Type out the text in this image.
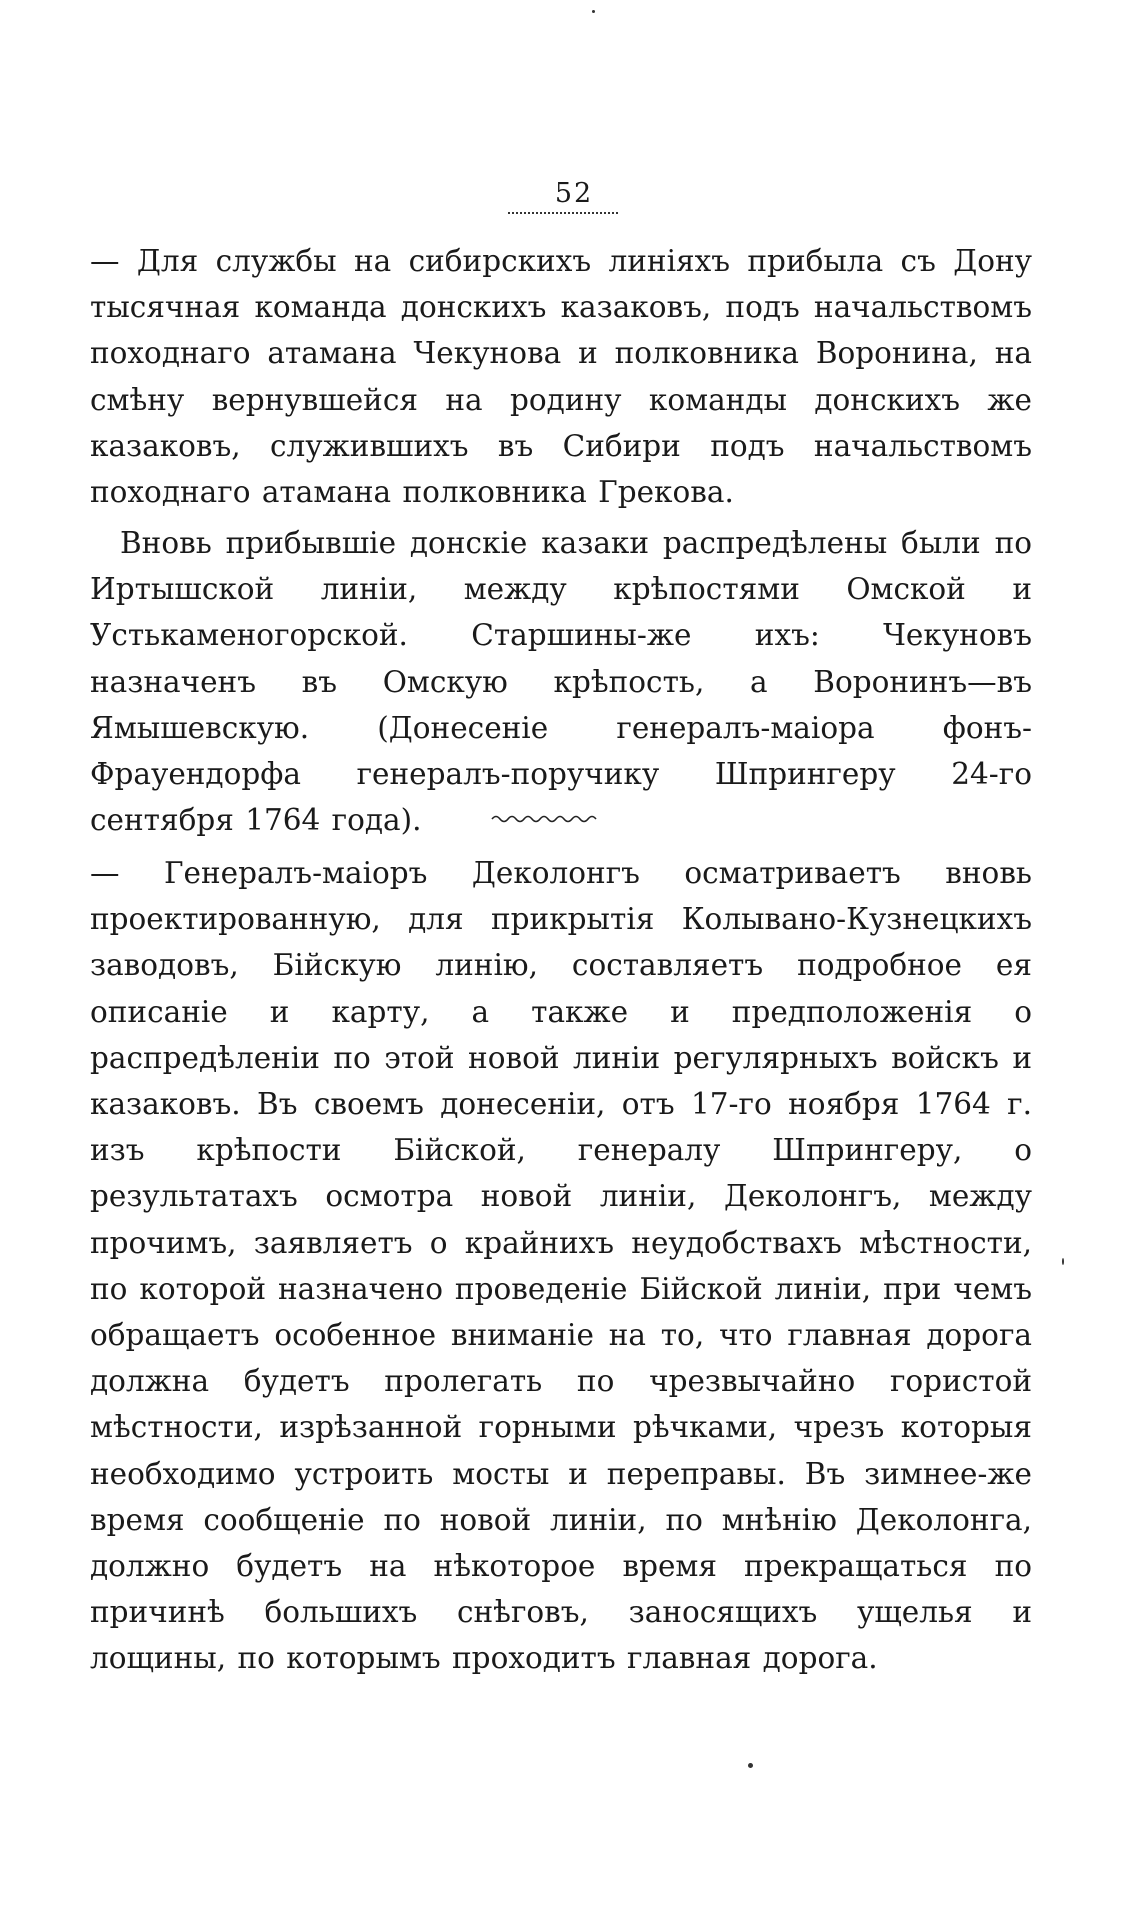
52

— Для службы на сибирскихъ линіяхъ прибыла съ Дону тысячная команда донскихъ казаковъ, подъ начальствомъ походнаго атамана Чекунова и полковника Воронина, на смѣну вернувшейся на родину команды донскихъ же казаковъ, служившихъ въ Сибири подъ начальствомъ походнаго атамана полковника Грекова.

Вновь прибывшіе донскіе казаки распредѣлены были по Иртышской линіи, между крѣпостями Омской и Устькаменогорской. Старшины-же ихъ: Чекуновъ назначенъ въ Омскую крѣпость, а Воронинъ—въ Ямышевскую. (Донесеніе генералъ-маіора фонъ-Фрауендорфа генералъ-поручику Шпрингеру 24-го сентября 1764 года).

— Генералъ-маіоръ Деколонгъ осматриваетъ вновь проектированную, для прикрытія Колывано-Кузнецкихъ заводовъ, Бійскую линію, составляетъ подробное ея описаніе и карту, а также и предположенія о распредѣленіи по этой новой линіи регулярныхъ войскъ и казаковъ. Въ своемъ донесеніи, отъ 17-го ноября 1764 г. изъ крѣпости Бійской, генералу Шпрингеру, о результатахъ осмотра новой линіи, Деколонгъ, между прочимъ, заявляетъ о крайнихъ неудобствахъ мѣстности, по которой назначено проведеніе Бійской линіи, при чемъ обращаетъ особенное вниманіе на то, что главная дорога должна будетъ пролегать по чрезвычайно гористой мѣстности, изрѣзанной горными рѣчками, чрезъ которыя необходимо устроить мосты и переправы. Въ зимнее-же время сообщеніе по новой линіи, по мнѣнію Деколонга, должно будетъ на нѣкоторое время прекращаться по причинѣ большихъ снѣговъ, заносящихъ ущелья и лощины, по которымъ проходитъ главная дорога.
